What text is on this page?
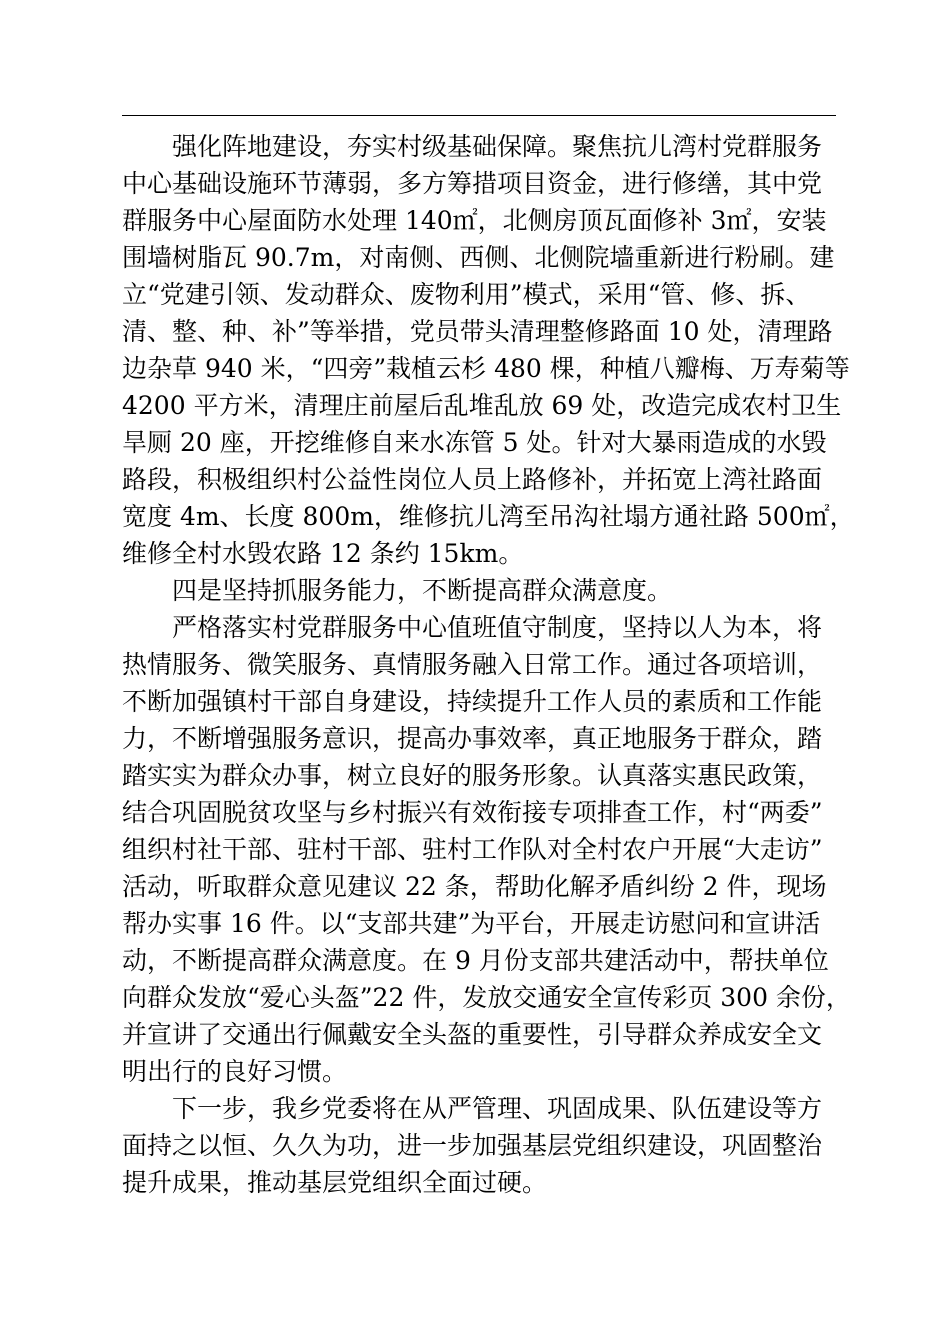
强化阵地建设，夯实村级基础保障。聚焦抗儿湾村党群服务
中心基础设施环节薄弱，多方筹措项目资金，进行修缮，其中党
群服务中心屋面防水处理 140㎡，北侧房顶瓦面修补 3㎡，安装
围墙树脂瓦 90.7m，对南侧、西侧、北侧院墙重新进行粉刷。建
立“党建引领、发动群众、废物利用”模式，采用“管、修、拆、
清、整、种、补”等举措，党员带头清理整修路面 10 处，清理路
边杂草 940 米，“四旁”栽植云杉 480 棵，种植八瓣梅、万寿菊等
4200 平方米，清理庄前屋后乱堆乱放 69 处，改造完成农村卫生
旱厕 20 座，开挖维修自来水冻管 5 处。针对大暴雨造成的水毁
路段，积极组织村公益性岗位人员上路修补，并拓宽上湾社路面
宽度 4m、长度 800m，维修抗儿湾至吊沟社塌方通社路 500㎡，
维修全村水毁农路 12 条约 15km。
四是坚持抓服务能力，不断提高群众满意度。
严格落实村党群服务中心值班值守制度，坚持以人为本，将
热情服务、微笑服务、真情服务融入日常工作。通过各项培训，
不断加强镇村干部自身建设，持续提升工作人员的素质和工作能
力，不断增强服务意识，提高办事效率，真正地服务于群众，踏
踏实实为群众办事，树立良好的服务形象。认真落实惠民政策，
结合巩固脱贫攻坚与乡村振兴有效衔接专项排查工作，村“两委”
组织村社干部、驻村干部、驻村工作队对全村农户开展“大走访”
活动，听取群众意见建议 22 条，帮助化解矛盾纠纷 2 件，现场
帮办实事 16 件。以“支部共建”为平台，开展走访慰问和宣讲活
动，不断提高群众满意度。在 9 月份支部共建活动中，帮扶单位
向群众发放“爱心头盔”22 件，发放交通安全宣传彩页 300 余份，
并宣讲了交通出行佩戴安全头盔的重要性，引导群众养成安全文
明出行的良好习惯。
下一步，我乡党委将在从严管理、巩固成果、队伍建设等方
面持之以恒、久久为功，进一步加强基层党组织建设，巩固整治
提升成果，推动基层党组织全面过硬。
